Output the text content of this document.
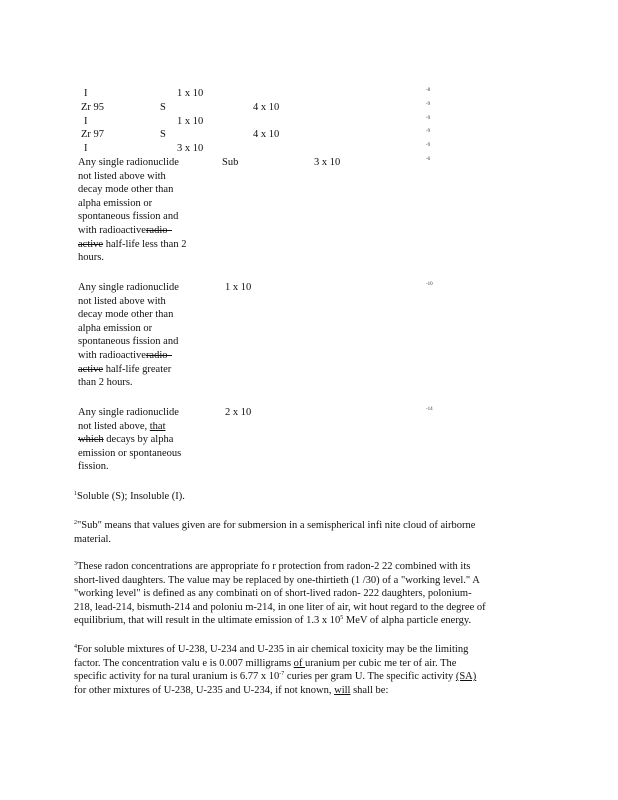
I	1 x 10	-8
Zr 95	S	4 x 10	-9
I	1 x 10	-9
Zr 97	S	4 x 10	-9
I	3 x 10	-9
Any single radionuclide
not listed above with
decay mode other than
alpha emission or
spontaneous fission and
with radioactiveradio     
active half-life less than 2
hours.
Sub	3 x 10	-6
Any single radionuclide
not listed above with
decay mode other than
alpha emission or
spontaneous fission and
with radioactiveradio     
active half-life greater
than 2 hours.
1 x 10	-10
Any single radionuclide
not listed above, that
which decays by alpha
emission or spontaneous
fission.
2 x 10	-14
$^1$Soluble (S); Insoluble (I).
$^2$"Sub" means that values given are for submersion in a semispherical infi nite cloud of airborne
material.
$^3$These radon concentrations are appropriate fo r protection from radon-2 22 combined with its
short-lived daughters. The value may be replaced by one-thirtieth (1 /30) of a "working level." A
"working level" is defined as any combinati on of short-lived radon- 222 daughters, polonium-
218, lead-214, bismuth-214 and poloniu m-214, in one liter of air, wit hout regard to the degree of
equilibrium, that will result in the ultimate emission of 1.3 x $10^5$ MeV of alpha particle energy.
$^4$For soluble mixtures of U-238, U-234 and U-235 in air chemical toxicity may be the limiting
factor. The concentration valu e is 0.007 milligrams of uranium per cubic me ter of air. The
specific activity for na tural uranium is 6.77 x $10^{-7}$ curies per gram U. The specific activity (SA)
for other mixtures of U-238, U-235 and U-234, if not known, will shall be:
